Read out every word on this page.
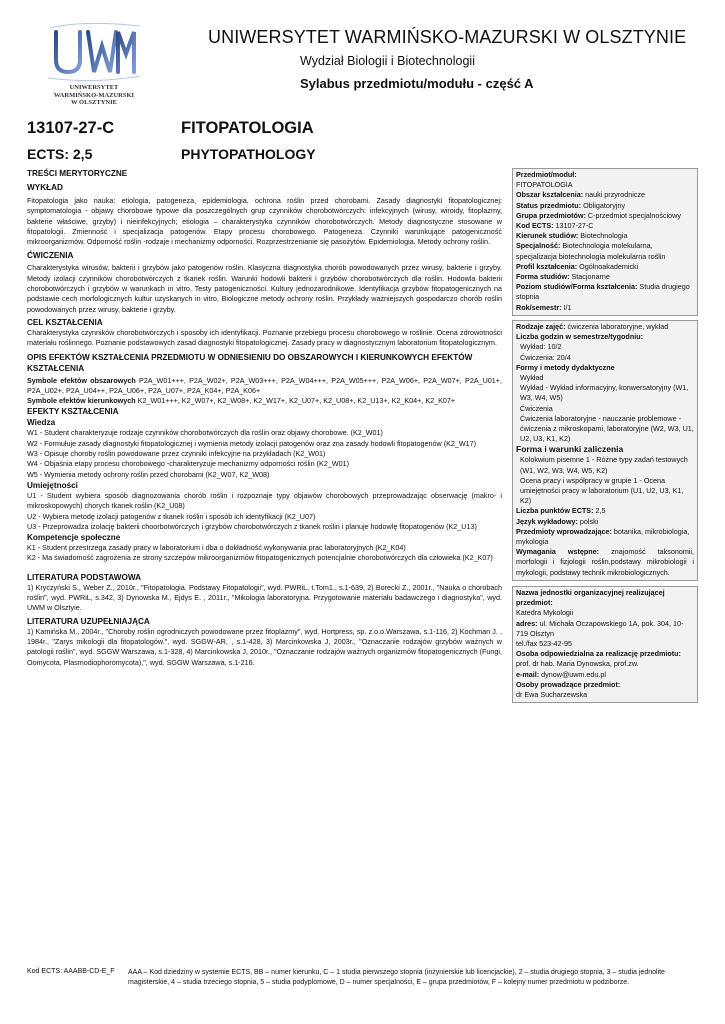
UNIWERSYTET
WARMIŃSKO-MAZURSKI
W OLSZTYNIE
UNIWERSYTET WARMIŃSKO-MAZURSKI W OLSZTYNIE
Wydział Biologii i Biotechnologii
Sylabus przedmiotu/modułu - część A
13107-27-C	FITOPATOLOGIA
ECTS: 2,5	PHYTOPATHOLOGY
TREŚCI MERYTORYCZNE
WYKŁAD

Fitopatologia jako nauka: etiologia, patogeneza, epidemiologia, ochrona roślin przed chorobami. Zasady diagnostyki fitopatologicznej: symptomatologia - objawy chorobowe typowe dla poszczególnych grup czynników chorobotwórczych: infekcyjnych (wirusy, wiroidy, fitoplazmy, bakterie właściwe, grzyby) i nieinfekcyjnych; etiologia – charakterystyka czynników chorobotwórczych. Metody diagnostyczne stosowane w fitopatologii. Zmienność i specjalizacja patogenów. Etapy procesu chorobowego. Patogeneza. Czynniki warunkujące patogeniczność mikroorganizmów. Odporność roślin -rodzaje i mechanizmy odporności. Rozprzestrzenianie się pasożytów. Epidemiologia. Metody ochrony roślin.

ĆWICZENIA

Charakterystyka wirusów, bakterii i grzybów jako patogenów roślin. Klasyczna diagnostyka chorób powodowanych przez wirusy, bakterie i grzyby. Metody izolacji czynników chorobotwórczych z tkanek roślin. Warunki hodowli bakterii i grzybów chorobotwórczych dla roślin. Hodowla bakterii chorobotwórczych i grzybów w warunkach in vitro. Testy patogeniczności. Kultury jednozarodnikowe. Identyfikacja grzybów fitopatogenicznych na podstawie cech morfologicznych kultur uzyskanych in vitro. Biologiczne metody ochrony roślin. Przykłady ważniejszych gospodarczo chorób roślin powodowanych przez wirusy, bakterie i grzyby.

CEL KSZTAŁCENIA

Charakterystyka czynników chorobotwórczych i sposoby ich identyfikacji. Poznanie przebiegu procesu chorobowego w roślinie. Ocena zdrowotności materiału roślinnego. Poznanie podstawowych zasad diagnostyki fitopatologicznej. Zasady pracy w diagnostycznym laboratorium fitopatologicznym.

OPIS EFEKTÓW KSZTAŁCENIA PRZEDMIOTU W ODNIESIENIU DO OBSZAROWYCH I KIERUNKOWYCH EFEKTÓW KSZTAŁCENIA

Symbole efektów obszarowych P2A_W01+++, P2A_W02+, P2A_W03+++, P2A_W04+++, P2A_W05+++, P2A_W06+, P2A_W07+, P2A_U01+, P2A_U02+, P2A_U04++, P2A_U06+, P2A_U07+, P2A_K04+, P2A_K06+

Symbole efektów kierunkowych K2_W01+++, K2_W07+, K2_W08+, K2_W17+, K2_U07+, K2_U08+, K2_U13+, K2_K04+, K2_K07+

EFEKTY KSZTAŁCENIA
Wiedza

W1 - Student charakteryzuje rodzaje czynników chorobotwórczych dla roślin oraz objawy chorobowe. (K2_W01)

W2 - Formułuje zasady diagnostyki fitopatologicznej i wymienia metody izolacji patogenów oraz zna zasady hodowli fitopatogenów (K2_W17)

W3 - Opisuje choroby roślin powodowane przez czynniki infekcyjne na przykładach (K2_W01)

W4 - Objaśnia etapy procesu chorobowego -charakteryzuje mechanizmy odporności roślin (K2_W01)

W5 - Wymienia metody ochrony roślin przed chorobami (K2_W07, K2_W08)

Umiejętności

U1 - Student wybiera sposób diagnozowania chorób roślin i rozpoznaje typy objawów chorobowych przeprowadzając obserwację (makro- i mikroskopowych) chorych tkanek roślin (K2_U08)

U2 - Wybiera metodę izolacji patogenów z tkanek roślin i sposób ich identyfikacji (K2_U07)

U3 - Przeprowadza izolację bakterii choorbotwórczych i grzybów chorobotwórczych z tkanek roślin i planuje hodowlę fitopatogenów (K2_U13)

Kompetencje społeczne

K1 - Student przestrzega zasady pracy w laboratorium i dba o dokładność wykonywania prac laboratoryjnych (K2_K04)

K2 - Ma świadomość zagrożenia ze strony szczepów mikroorganizmów fitopatogenicznych potencjalnie chorobotwórczych dla człowieka (K2_K07)

LITERATURA PODSTAWOWA

1) Kryczyński S., Weber Z., 2010r., "Fitopatologia. Podstawy Fitopatologii", wyd. PWRiL, t.Tom1., s.1-639, 2) Borecki Z., 2001r., "Nauka o chorobach roślin", wyd. PWRiL, s.342, 3) Dynowska M., Ejdys E. , 2011r., "Mikologia laboratoryjna. Przygotowanie materiału badawczego i diagnostyka", wyd. UWM w Olsztyie.

LITERATURA UZUPEŁNIAJĄCA

1) Kamińska M., 2004r., "Choroby roślin ogrodniczych powodowane przez fitoplazmy", wyd. Hortpress, sp. z.o.o.Warszawa, s.1-116, 2) Kochman J. , 1984r., "Zarys mikologii dla fitopatologów.", wyd. SGGW-AR, , s.1-428, 3) Marcinkowska J, 2003r., "Oznaczanie rodzajów grzybów ważnych w patologii roślin", wyd. SGGW Warszawa, s.1-328, 4) Marcinkowska J, 2010r., "Oznaczanie rodzajów ważnych organizmów fitopatogenicznych (Fungi, Oomycota, Plasmodiophoromycota),", wyd. SGGW Warszawa, s.1-216.

Przedmiot/moduł:
FITOPATOLOGIA
Obszar kształcenia: nauki przyrodnicze
Status przedmiotu: Obligatoryjny
Grupa przedmiotów: C-przedmiot specjalnościowy
Kod ECTS: 13107-27-C
Kierunek studiów: Biotechnologia
Specjalność: Biotechnologia molekularna, specjalizacja biotechnologia molekularna roślin
Profil kształcenia: Ogólnoakademicki
Forma studiów: Stacjonarne
Poziom studiów/Forma kształcenia: Studia drugiego stopnia
Rok/semestr: I/1
Rodzaje zajęć: ćwiczenia laboratoryjne, wykład
Liczba godzin w semestrze/tygodniu:
Wykład: 10/2
Ćwiczenia: 20/4
Formy i metody dydaktyczne
Wykład
Wykład - Wykład informacyjny, konwersatoryjny (W1, W3, W4, W5)
Ćwiczenia
Ćwiczenia laboratoryjne - nauczanie problemowe - ćwiczenia z mikroskopami, laboratoryjne (W2, W3, U1, U2, U3, K1, K2)
Forma i warunki zaliczenia
Kolokwium pisemne 1 - Różne typy zadań testowych (W1, W2, W3, W4, W5, K2)
Ocena pracy i współpracy w grupie 1 - Ocena umiejętności pracy w laboratorium (U1, U2, U3, K1, K2)
Liczba punktów ECTS: 2,5
Język wykładowy: polski
Przedmioty wprowadzające: botanika, mikrobiologia, mykologia
Wymagania wstępne: znajomość taksonomii, morfologii i fizjologii roślin,podstawy mikrobiologii i mykologii, podstawy technik mikrobiologicznych.
Nazwa jednostki organizacyjnej realizującej przedmiot:
Katedra Mykologii
adres: ul. Michała Oczapowskiego 1A, pok. 304, 10-719 Olsztyn
tel./fax 523-42-95
Osoba odpowiedzialna za realizację przedmiotu:
prof. dr hab. Maria Dynowska, prof.zw.
e-mail: dynow@uwm.edu.pl
Osoby prowadzące przedmiot:
dr Ewa Sucharzewska
Kod ECTS: AAABB-CD-E_F AAA – Kod dziedziny w systemie ECTS, BB – numer kierunku, C – 1 studia pierwszego stopnia (inżynierskie lub licencjackie), 2 – studia drugiego stopnia, 3 – studia jednolite magisterskie, 4 – studia trzeciego stopnia, 5 – studia podyplomowe, D – numer specjalności, E – grupa przedmiotów, F – kolejny numer przedmiotu w podziborze.
